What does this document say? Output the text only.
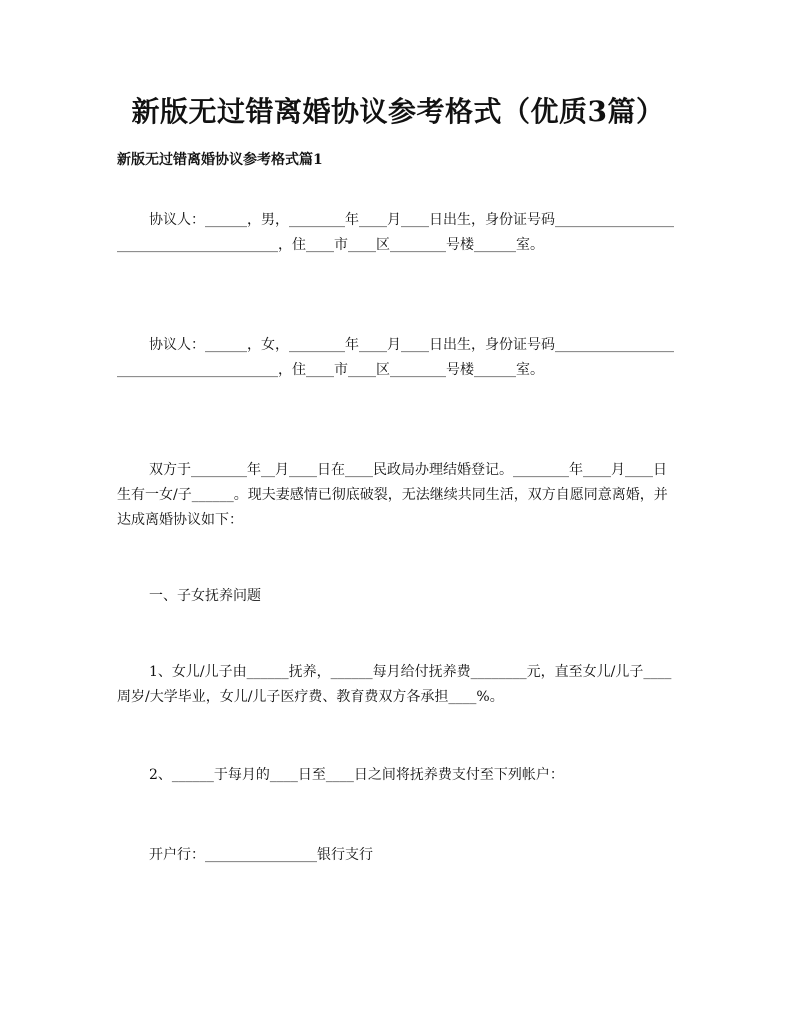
新版无过错离婚协议参考格式（优质3篇）
新版无过错离婚协议参考格式篇1

协议人：______，男，________年____月____日出生，身份证号码________________________________________，住____市____区________号楼______室。

协议人：______，女，________年____月____日出生，身份证号码________________________________________，住____市____区________号楼______室。

双方于________年__月____日在____民政局办理结婚登记。________年____月____日生有一女/子______。现夫妻感情已彻底破裂，无法继续共同生活，双方自愿同意离婚，并达成离婚协议如下：

一、子女抚养问题

1、女儿/儿子由______抚养，______每月给付抚养费________元，直至女儿/儿子____周岁/大学毕业，女儿/儿子医疗费、教育费双方各承担____%。

2、______于每月的____日至____日之间将抚养费支付至下列帐户：

开户行：________________银行支行
